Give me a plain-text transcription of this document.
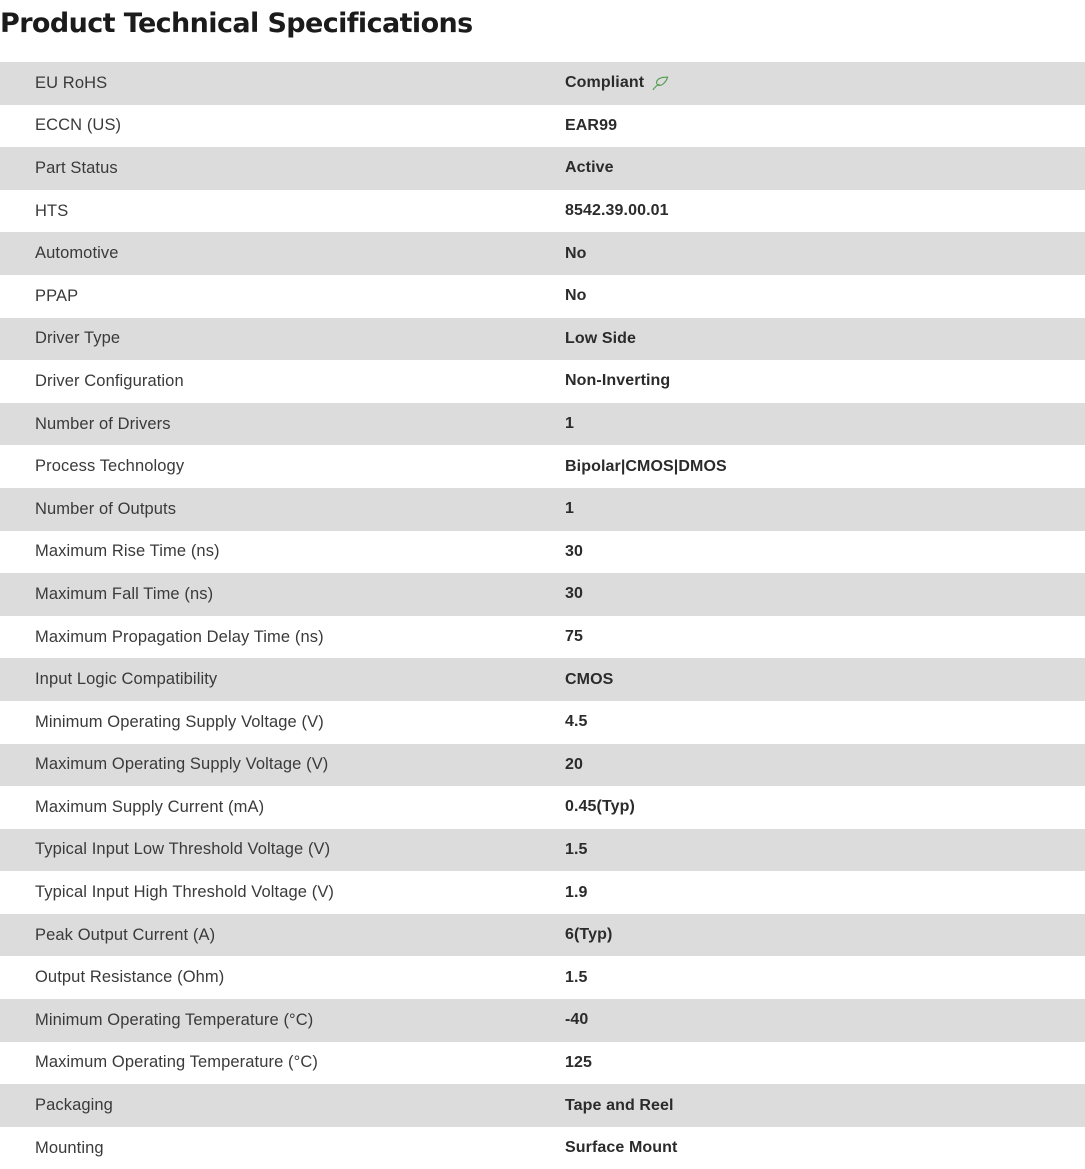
Product Technical Specifications
EU RoHS	Compliant

ECCN (US)	EAR99

Part Status	Active

HTS	8542.39.00.01

Automotive	No

PPAP	No

Driver Type	Low Side

Driver Configuration	Non-Inverting

Number of Drivers	1

Process Technology	Bipolar|CMOS|DMOS

Number of Outputs	1

Maximum Rise Time (ns)	30

Maximum Fall Time (ns)	30

Maximum Propagation Delay Time (ns)	75

Input Logic Compatibility	CMOS

Minimum Operating Supply Voltage (V)	4.5

Maximum Operating Supply Voltage (V)	20

Maximum Supply Current (mA)	0.45(Typ)

Typical Input Low Threshold Voltage (V)	1.5

Typical Input High Threshold Voltage (V)	1.9

Peak Output Current (A)	6(Typ)

Output Resistance (Ohm)	1.5

Minimum Operating Temperature (°C)	-40

Maximum Operating Temperature (°C)	125

Packaging	Tape and Reel

Mounting	Surface Mount
